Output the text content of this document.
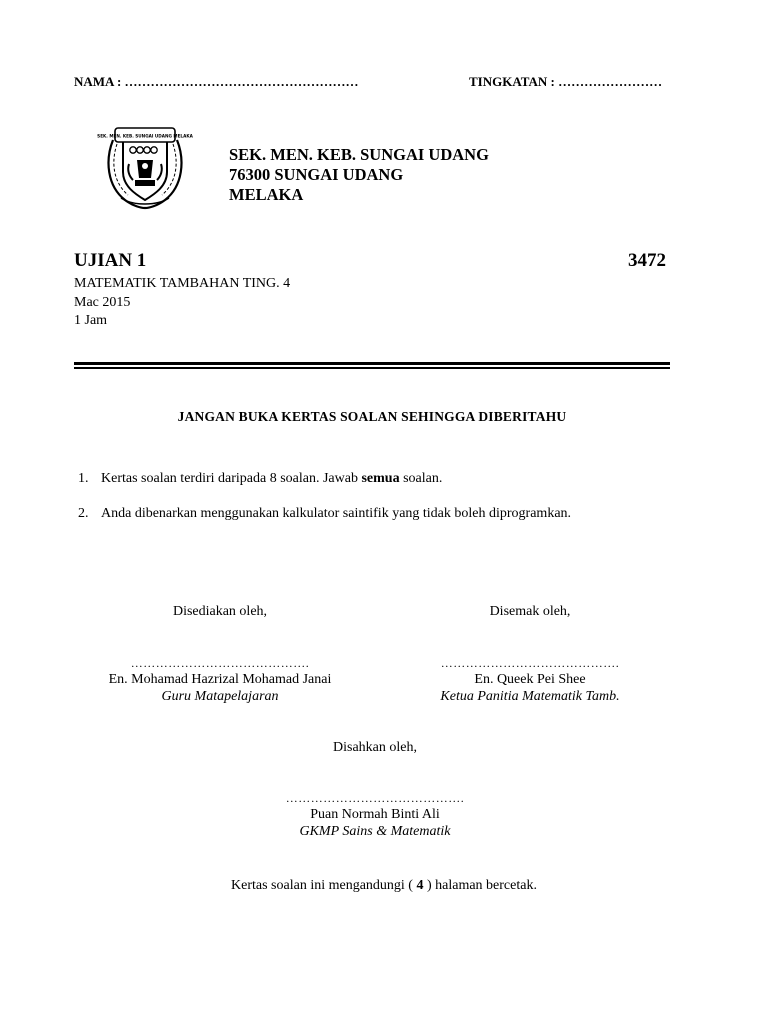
NAMA : ………………………………………………	TINGKATAN : ……………………
SEK. MEN. KEB. SUNGAI UDANG MELAKA
SEK. MEN. KEB. SUNGAI UDANG
76300 SUNGAI UDANG
MELAKA
UJIAN 1	3472
MATEMATIK TAMBAHAN TING. 4
Mac 2015
1 Jam
JANGAN BUKA KERTAS SOALAN SEHINGGA DIBERITAHU
1. Kertas soalan terdiri daripada 8 soalan. Jawab semua soalan.
2. Anda dibenarkan menggunakan kalkulator saintifik yang tidak boleh diprogramkan.
Disediakan oleh,	Disemak oleh,
…………………………………….
En. Mohamad Hazrizal Mohamad Janai
Guru Matapelajaran
…………………………………….
En. Queek Pei Shee
Ketua Panitia Matematik Tamb.
Disahkan oleh,
…………………………………….
Puan Normah Binti Ali
GKMP Sains & Matematik
Kertas soalan ini mengandungi ( 4 ) halaman bercetak.
